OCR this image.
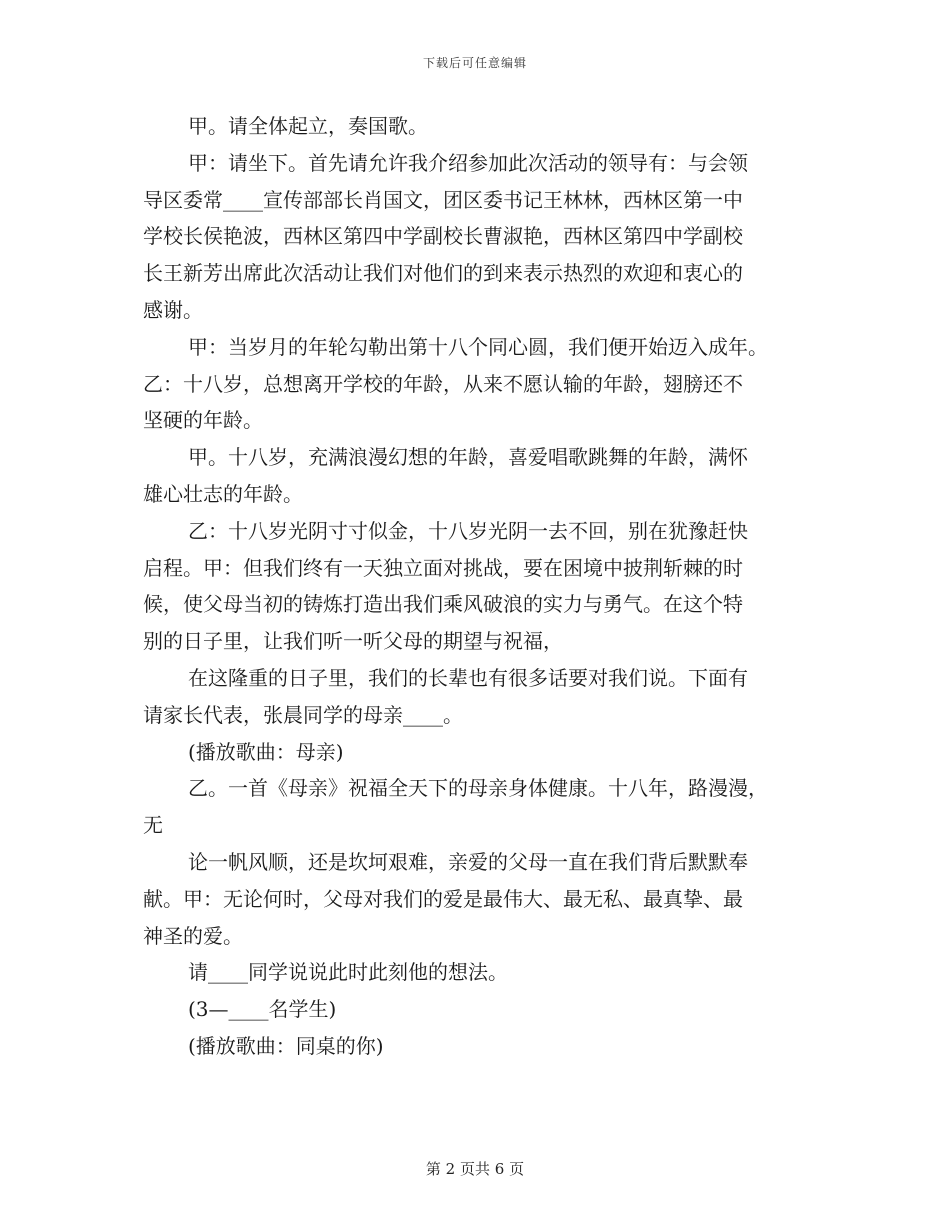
下载后可任意编辑

甲。请全体起立，奏国歌。

甲：请坐下。首先请允许我介绍参加此次活动的领导有：与会领

导区委常____宣传部部长肖国文，团区委书记王林林，西林区第一中

学校长侯艳波，西林区第四中学副校长曹淑艳，西林区第四中学副校

长王新芳出席此次活动让我们对他们的到来表示热烈的欢迎和衷心的

感谢。

甲：当岁月的年轮勾勒出第十八个同心圆，我们便开始迈入成年。

乙：十八岁，总想离开学校的年龄，从来不愿认输的年龄，翅膀还不

坚硬的年龄。

甲。十八岁，充满浪漫幻想的年龄，喜爱唱歌跳舞的年龄，满怀

雄心壮志的年龄。

乙：十八岁光阴寸寸似金，十八岁光阴一去不回，别在犹豫赶快

启程。甲：但我们终有一天独立面对挑战，要在困境中披荆斩棘的时

候，使父母当初的铸炼打造出我们乘风破浪的实力与勇气。在这个特

别的日子里，让我们听一听父母的期望与祝福，

在这隆重的日子里，我们的长辈也有很多话要对我们说。下面有

请家长代表，张晨同学的母亲____。

(播放歌曲：母亲)

乙。一首《母亲》祝福全天下的母亲身体健康。十八年，路漫漫，

无

论一帆风顺，还是坎坷艰难，亲爱的父母一直在我们背后默默奉

献。甲：无论何时，父母对我们的爱是最伟大、最无私、最真挚、最

神圣的爱。

请____同学说说此时此刻他的想法。

(3—____名学生)

(播放歌曲：同桌的你)

第 2 页共 6 页
